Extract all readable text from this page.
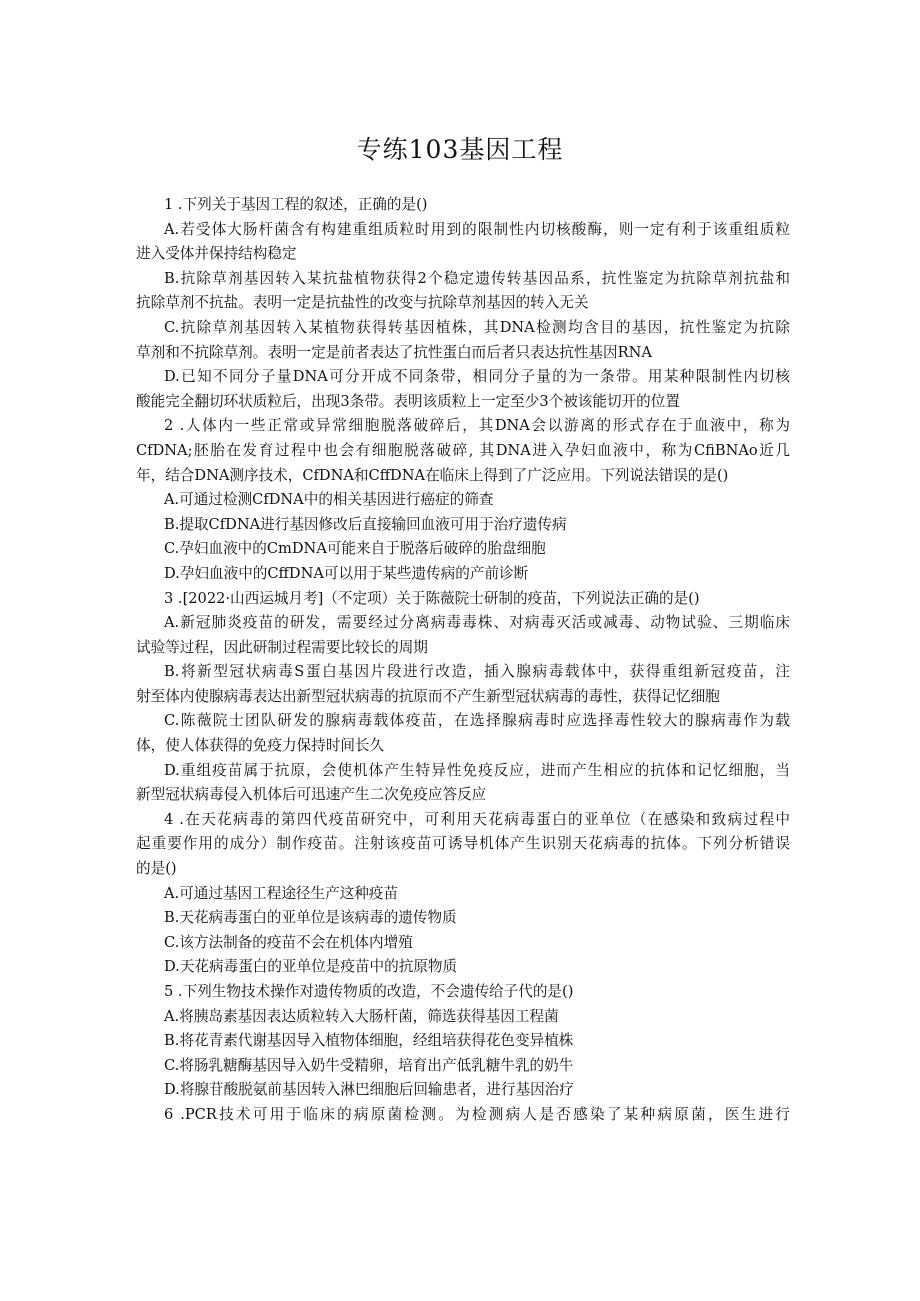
专练103基因工程
1 .下列关于基因工程的叙述，正确的是()
A.若受体大肠杆菌含有构建重组质粒时用到的限制性内切核酸酶，则一定有利于该重组质粒
进入受体并保持结构稳定
B.抗除草剂基因转入某抗盐植物获得2个稳定遗传转基因品系，抗性鉴定为抗除草剂抗盐和
抗除草剂不抗盐。表明一定是抗盐性的改变与抗除草剂基因的转入无关
C.抗除草剂基因转入某植物获得转基因植株，其DNA检测均含目的基因，抗性鉴定为抗除
草剂和不抗除草剂。表明一定是前者表达了抗性蛋白而后者只表达抗性基因RNA
D.已知不同分子量DNA可分开成不同条带，相同分子量的为一条带。用某种限制性内切核
酸能完全翻切环状质粒后，出现3条带。表明该质粒上一定至少3个被该能切开的位置
2 .人体内一些正常或异常细胞脱落破碎后，其DNA会以游离的形式存在于血液中，称为
CfDNA;胚胎在发育过程中也会有细胞脱落破碎, 其DNA进入孕妇血液中，称为CfiBNAo近几
年，结合DNA测序技术，CfDNA和CffDNA在临床上得到了广泛应用。下列说法错误的是()
A.可通过检测CfDNA中的相关基因进行癌症的筛查
B.提取CfDNA进行基因修改后直接输回血液可用于治疗遗传病
C.孕妇血液中的CmDNA可能来自于脱落后破碎的胎盘细胞
D.孕妇血液中的CffDNA可以用于某些遗传病的产前诊断
3 .[2022·山西运城月考]（不定项）关于陈薇院士研制的疫苗，下列说法正确的是()
A.新冠肺炎疫苗的研发，需要经过分离病毒毒株、对病毒灭活或减毒、动物试验、三期临床
试验等过程，因此研制过程需要比较长的周期
B.将新型冠状病毒S蛋白基因片段进行改造，插入腺病毒载体中，获得重组新冠疫苗，注
射至体内使腺病毒表达出新型冠状病毒的抗原而不产生新型冠状病毒的毒性，获得记忆细胞
C.陈薇院士团队研发的腺病毒载体疫苗，在选择腺病毒时应选择毒性较大的腺病毒作为载
体，使人体获得的免疫力保持时间长久
D.重组疫苗属于抗原，会使机体产生特异性免疫反应，进而产生相应的抗体和记忆细胞，当
新型冠状病毒侵入机体后可迅速产生二次免疫应答反应
4 .在天花病毒的第四代疫苗研究中，可利用天花病毒蛋白的亚单位（在感染和致病过程中
起重要作用的成分）制作疫苗。注射该疫苗可诱导机体产生识别天花病毒的抗体。下列分析错误
的是()
A.可通过基因工程途径生产这种疫苗
B.天花病毒蛋白的亚单位是该病毒的遗传物质
C.该方法制备的疫苗不会在机体内增殖
D.天花病毒蛋白的亚单位是疫苗中的抗原物质
5 .下列生物技术操作对遗传物质的改造，不会遗传给子代的是()
A.将胰岛素基因表达质粒转入大肠杆菌，筛选获得基因工程菌
B.将花青素代谢基因导入植物体细胞，经组培获得花色变异植株
C.将肠乳糖酶基因导入奶牛受精卵，培育出产低乳糖牛乳的奶牛
D.将腺苷酸脱氨前基因转入淋巴细胞后回输患者，进行基因治疗
6 .PCR技术可用于临床的病原菌检测。为检测病人是否感染了某种病原菌，医生进行
